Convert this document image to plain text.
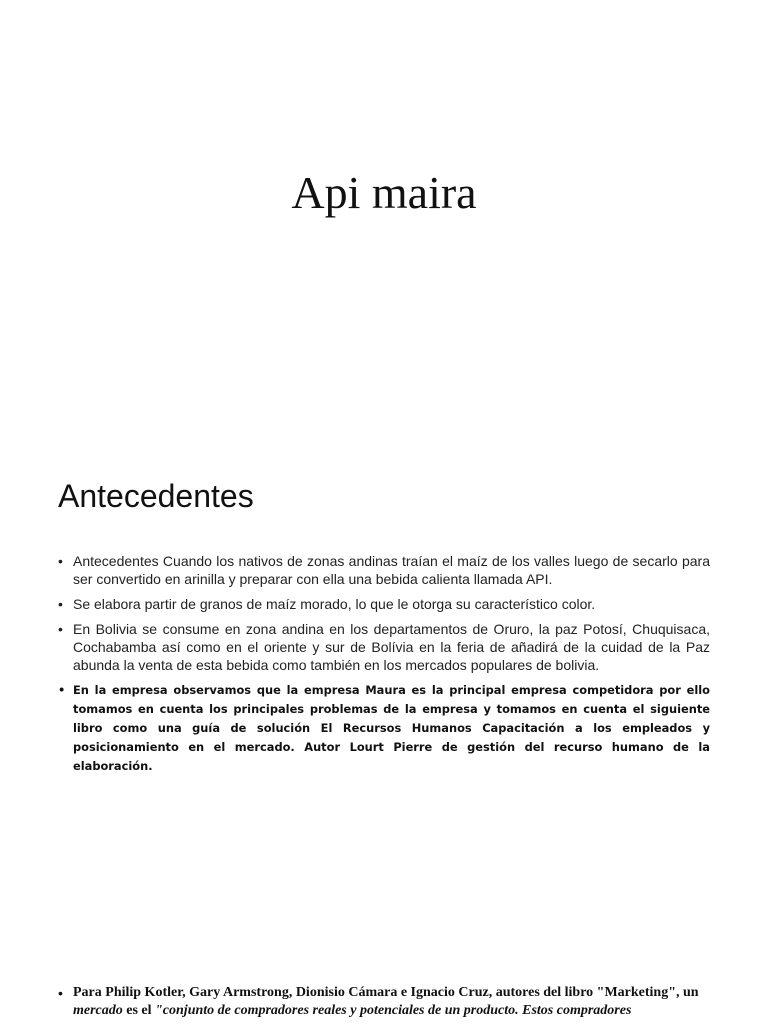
Api maira
Antecedentes
• Antecedentes Cuando los nativos de zonas andinas traían el maíz de los valles luego de secarlo para ser convertido en arinilla y preparar con ella una bebida calienta llamada API.
• Se elabora partir de granos de maíz morado, lo que le otorga su característico color.
• En Bolivia se consume en zona andina en los departamentos de Oruro, la paz Potosí, Chuquisaca, Cochabamba así como en el oriente y sur de Bolívia en la feria de añadirá de la cuidad de la Paz abunda la venta de esta bebida como también en los mercados populares de bolivia.
• En la empresa observamos que la empresa Maura es la principal empresa competidora por ello tomamos en cuenta los principales problemas de la empresa y tomamos en cuenta el siguiente libro como una guía de solución El Recursos Humanos Capacitación a los empleados y posicionamiento en el mercado. Autor Lourt Pierre de gestión del recurso humano de la elaboración.
• Para Philip Kotler, Gary Armstrong, Dionisio Cámara e Ignacio Cruz, autores del libro "Marketing", un mercado es el "conjunto de compradores reales y potenciales de un producto. Estos compradores
